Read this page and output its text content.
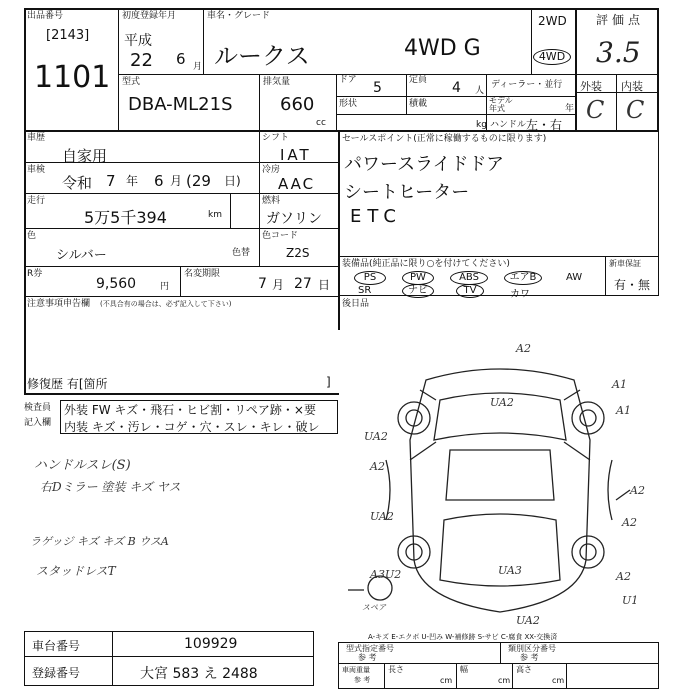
出品番号
[2143]
1101
初度登録年月
平成
22 6 月
車名・グレード
ルークス	4WD G
2WD
4WD
評価点
3.5
型式
DBA-ML21S
排気量
660
cc
ドア 5	定員 4 人
ディーラー・並行
形状	積載
kg
モデル
年式	年
ハンドル 左・右
外装 内装
C C
車歴
自家用
シフト
IAT
車検
令和 7 年 6 月 (29 日)
冷房
AAC
走行
5万5千394	km
燃料
ガソリン
色
シルバー	色替
色コード
Z2S
R券
9,560	円
名変期限
7 月 27 日
注意事項申告欄 (不具合有の場合は、必ず記入して下さい)
修復歴 有[箇所	]
セールスポイント(正常に稼働するものに限ります)
パワースライドドア
シートヒーター
ETC
装備品(純正品に限り○を付けてください)
PS	PW	ABS	エアB	AW
SR	ナビ	TV	カワ
新車保証
有・無
後日品
検査員
記入欄
外装 FW キズ・飛石・ヒビ割・リペア跡・×要
内装 キズ・汚レ・コゲ・穴・スレ・キレ・破レ
ハンドルスレ(S)
右Dミラー 塗装 キズ ヤス
ラゲッジ キズ キズ B ウスA
スタッドレスT
A2
UA2
A1
A1
UA2
A2
A2
UA2	A2
A3U2	UA3	A2
U1
UA2
スペア
A-キズ E-エクボ U-凹み W-補修跡 S-サビ C-腐食 XX-交換済
車台番号	109929
登録番号	大宮 583 え 2488
型式指定番号
参 考
類別区分番号
参 考
車両重量
参 考
長さ
cm
幅
cm
高さ
cm
